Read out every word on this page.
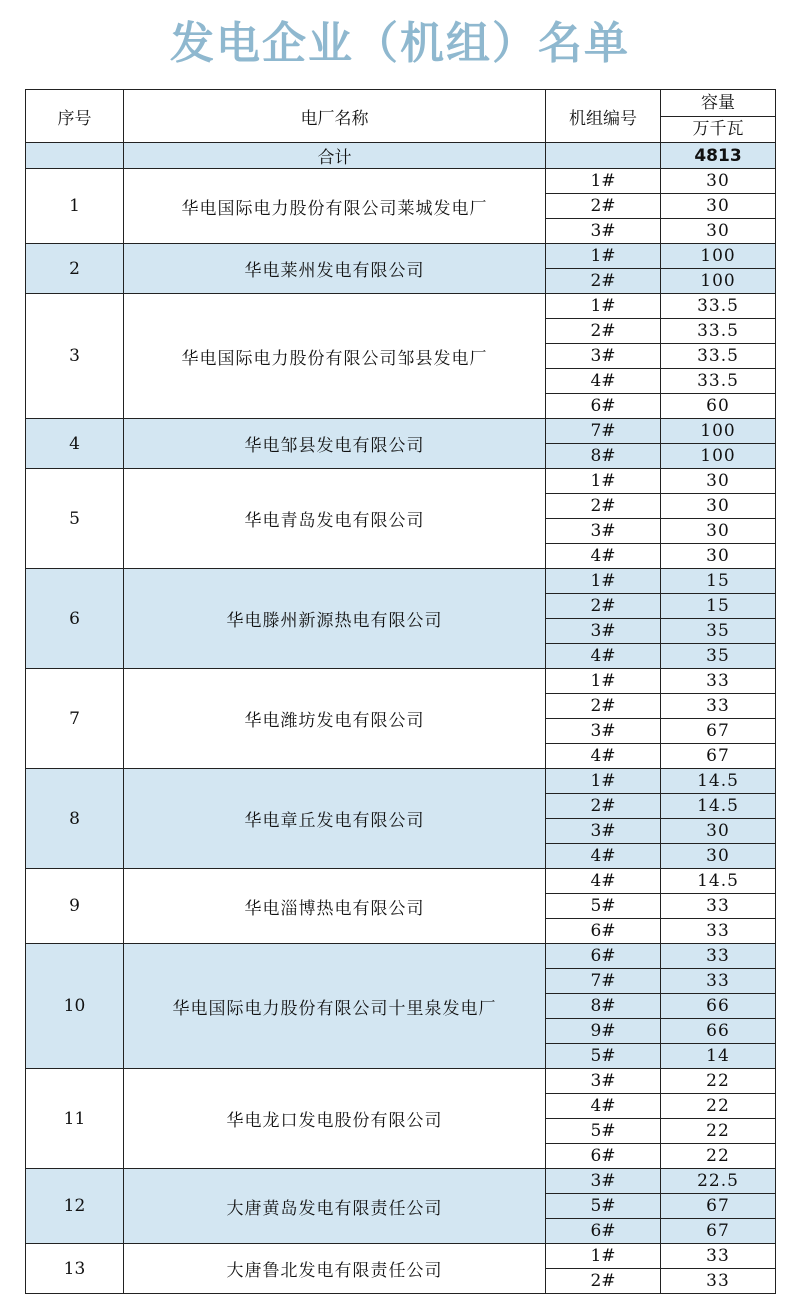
发电企业（机组）名单
序号	电厂名称	机组编号	容量
			万千瓦
	合计		4813
1	华电国际电力股份有限公司莱城发电厂	1#	30
		2#	30
		3#	30
2	华电莱州发电有限公司	1#	100
		2#	100
3	华电国际电力股份有限公司邹县发电厂	1#	33.5
		2#	33.5
		3#	33.5
		4#	33.5
		6#	60
4	华电邹县发电有限公司	7#	100
		8#	100
5	华电青岛发电有限公司	1#	30
		2#	30
		3#	30
		4#	30
6	华电滕州新源热电有限公司	1#	15
		2#	15
		3#	35
		4#	35
7	华电潍坊发电有限公司	1#	33
		2#	33
		3#	67
		4#	67
8	华电章丘发电有限公司	1#	14.5
		2#	14.5
		3#	30
		4#	30
9	华电淄博热电有限公司	4#	14.5
		5#	33
		6#	33
10	华电国际电力股份有限公司十里泉发电厂	6#	33
		7#	33
		8#	66
		9#	66
		5#	14
11	华电龙口发电股份有限公司	3#	22
		4#	22
		5#	22
		6#	22
12	大唐黄岛发电有限责任公司	3#	22.5
		5#	67
		6#	67
13	大唐鲁北发电有限责任公司	1#	33
		2#	33
